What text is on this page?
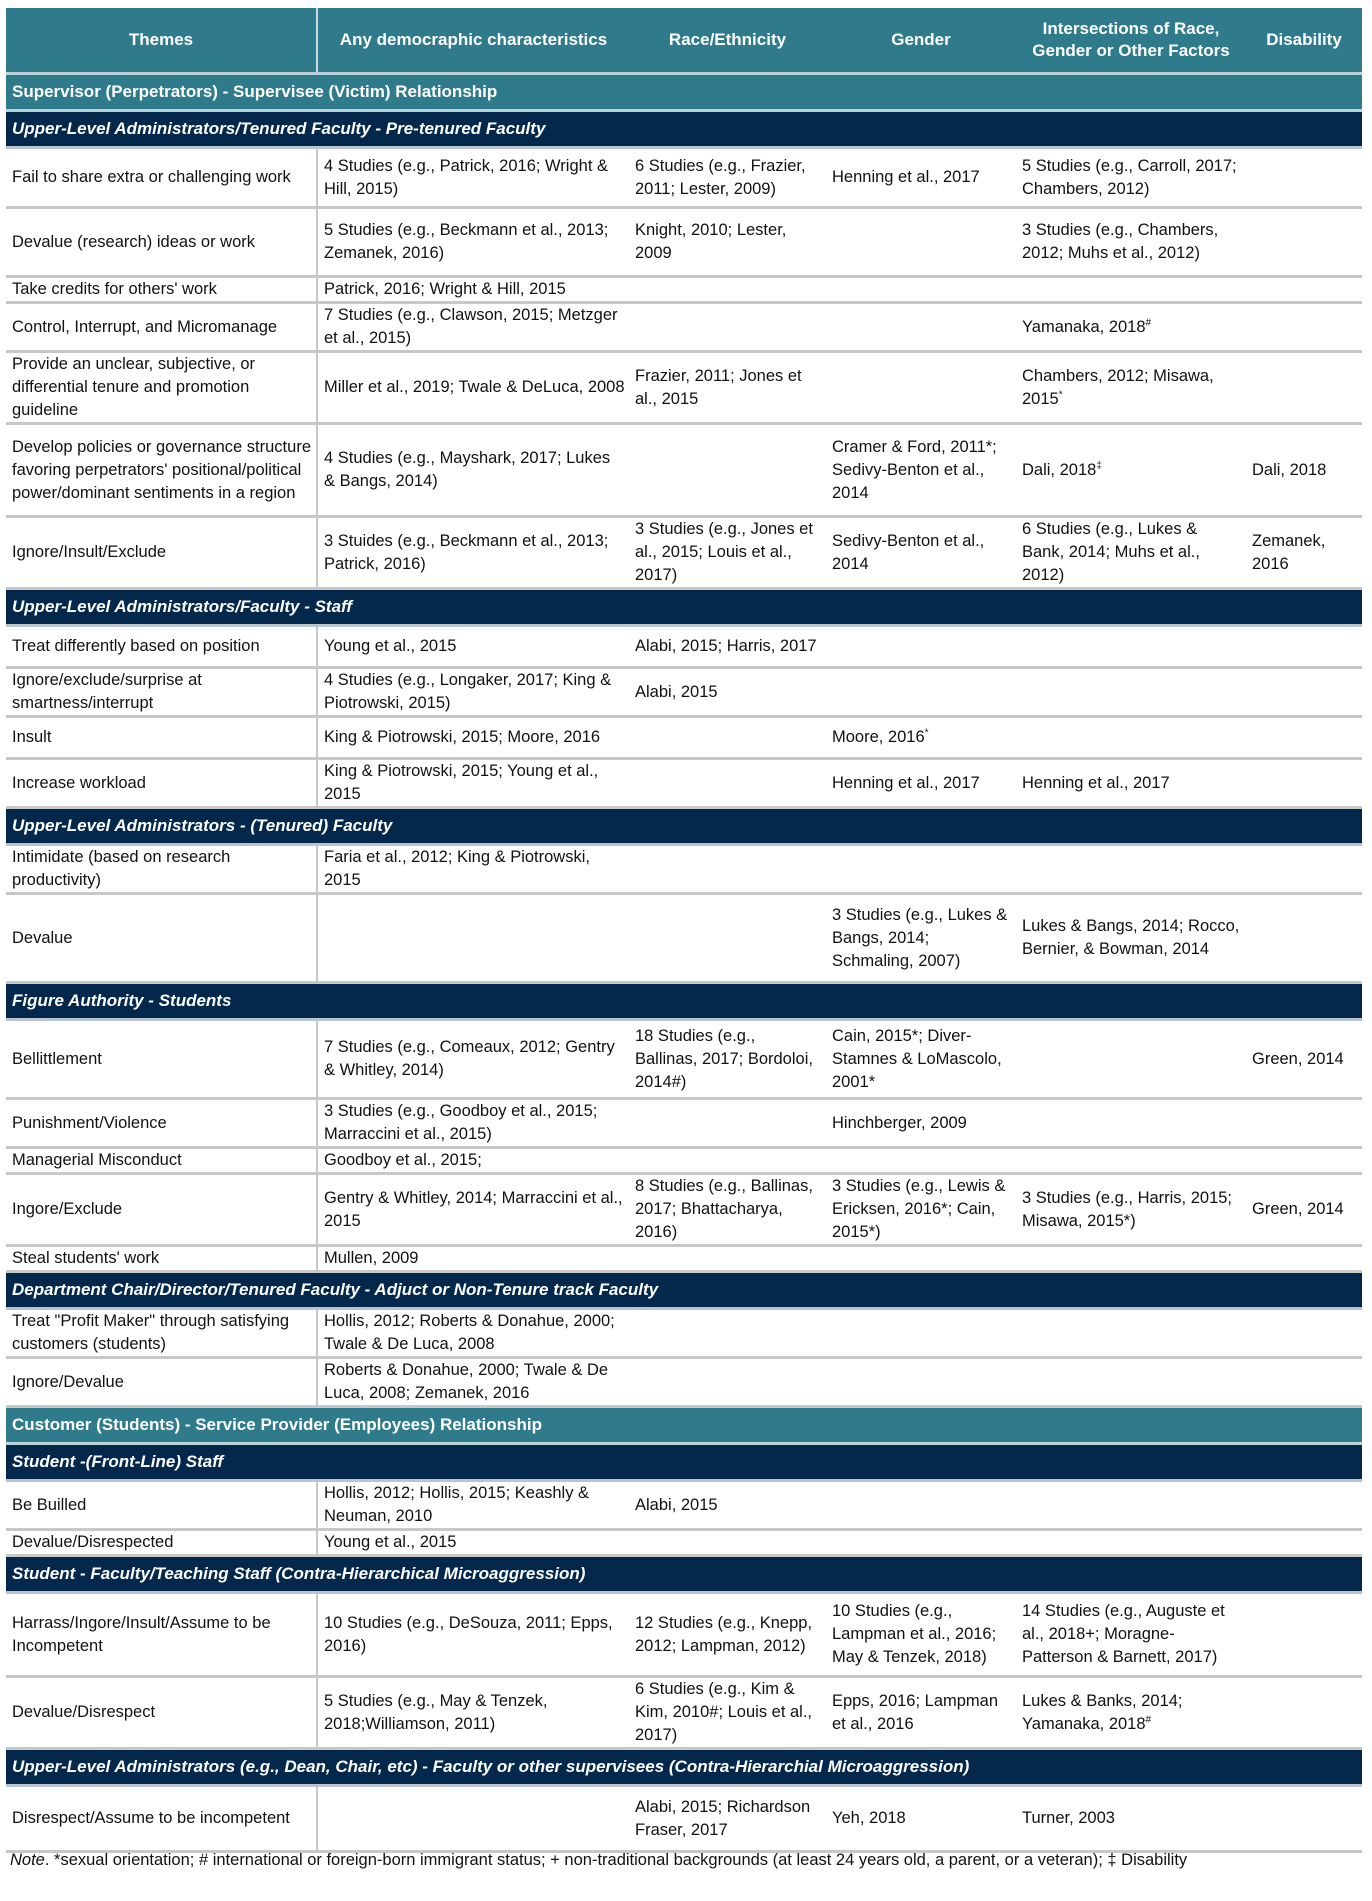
Themes	Any democraphic characteristics	Race/Ethnicity	Gender	Intersections of Race, Gender or Other Factors	Disability
Supervisor (Perpetrators) - Supervisee (Victim) Relationship					
Upper-Level Administrators/Tenured Faculty - Pre-tenured Faculty					
Fail to share extra or challenging work	4 Studies (e.g., Patrick, 2016; Wright & Hill, 2015)	6 Studies (e.g., Frazier, 2011; Lester, 2009)	Henning et al., 2017	5 Studies (e.g., Carroll, 2017; Chambers, 2012)	
Devalue (research) ideas or work	5 Studies (e.g., Beckmann et al., 2013; Zemanek, 2016)	Knight, 2010; Lester, 2009		3 Studies (e.g., Chambers, 2012; Muhs et al., 2012)	
Take credits for others' work	Patrick, 2016; Wright & Hill, 2015				
Control, Interrupt, and Micromanage	7 Studies (e.g., Clawson, 2015; Metzger et al., 2015)			Yamanaka, 2018#	
Provide an unclear, subjective, or differential tenure and promotion guideline	Miller et al., 2019; Twale & DeLuca, 2008	Frazier, 2011; Jones et al., 2015		Chambers, 2012; Misawa, 2015*	
Develop policies or governance structure favoring perpetrators' positional/political power/dominant sentiments in a region	4 Studies (e.g., Mayshark, 2017; Lukes & Bangs, 2014)		Cramer & Ford, 2011*; Sedivy-Benton et al., 2014	Dali, 2018‡	Dali, 2018
Ignore/Insult/Exclude	3 Stuides (e.g., Beckmann et al., 2013; Patrick, 2016)	3 Studies (e.g., Jones et al., 2015; Louis et al., 2017)	Sedivy-Benton et al., 2014	6 Studies (e.g., Lukes & Bank, 2014; Muhs et al., 2012)	Zemanek, 2016
Upper-Level Administrators/Faculty - Staff					
Treat differently based on position	Young et al., 2015	Alabi, 2015; Harris, 2017			
Ignore/exclude/surprise at smartness/interrupt	4 Studies (e.g., Longaker, 2017; King & Piotrowski, 2015)	Alabi, 2015			
Insult	King & Piotrowski, 2015; Moore, 2016		Moore, 2016*		
Increase workload	King & Piotrowski, 2015; Young et al., 2015		Henning et al., 2017	Henning et al., 2017	
Upper-Level Administrators - (Tenured) Faculty					
Intimidate (based on research productivity)	Faria et al., 2012; King & Piotrowski, 2015				
Devalue			3 Studies (e.g., Lukes & Bangs, 2014; Schmaling, 2007)	Lukes & Bangs, 2014; Rocco, Bernier, & Bowman, 2014	
Figure Authority - Students					
Bellittlement	7 Studies (e.g., Comeaux, 2012; Gentry & Whitley, 2014)	18 Studies (e.g., Ballinas, 2017; Bordoloi, 2014#)	Cain, 2015*; Diver-Stamnes & LoMascolo, 2001*		Green, 2014
Punishment/Violence	3 Studies (e.g., Goodboy et al., 2015; Marraccini et al., 2015)		Hinchberger, 2009		
Managerial Misconduct	Goodboy et al., 2015;				
Ingore/Exclude	Gentry & Whitley, 2014; Marraccini et al., 2015	8 Studies (e.g., Ballinas, 2017; Bhattacharya, 2016)	3 Studies (e.g., Lewis & Ericksen, 2016*; Cain, 2015*)	3 Studies (e.g., Harris, 2015; Misawa, 2015*)	Green, 2014
Steal students' work	Mullen, 2009				
Department Chair/Director/Tenured Faculty - Adjuct or Non-Tenure track Faculty					
Treat "Profit Maker" through satisfying customers (students)	Hollis, 2012; Roberts & Donahue, 2000; Twale & De Luca, 2008				
Ignore/Devalue	Roberts & Donahue, 2000; Twale & De Luca, 2008; Zemanek, 2016				
Customer (Students) - Service Provider (Employees) Relationship					
Student -(Front-Line) Staff					
Be Builled	Hollis, 2012; Hollis, 2015; Keashly & Neuman, 2010	Alabi, 2015			
Devalue/Disrespected	Young et al., 2015				
Student - Faculty/Teaching Staff (Contra-Hierarchical Microaggression)					
Harrass/Ingore/Insult/Assume to be Incompetent	10 Studies (e.g., DeSouza, 2011; Epps, 2016)	12 Studies (e.g., Knepp, 2012; Lampman, 2012)	10 Studies (e.g., Lampman et al., 2016; May & Tenzek, 2018)	14 Studies (e.g., Auguste et al., 2018+; Moragne-Patterson & Barnett, 2017)	
Devalue/Disrespect	5 Studies (e.g., May & Tenzek, 2018;Williamson, 2011)	6 Studies (e.g., Kim & Kim, 2010#; Louis et al., 2017)	Epps, 2016; Lampman et al., 2016	Lukes & Banks, 2014; Yamanaka, 2018#	
Upper-Level Administrators (e.g., Dean, Chair, etc) - Faculty or other supervisees (Contra-Hierarchial Microaggression)					
Disrespect/Assume to be incompetent		Alabi, 2015; Richardson Fraser, 2017	Yeh, 2018	Turner, 2003	
Note. *sexual orientation; # international or foreign-born immigrant status; + non-traditional backgrounds (at least 24 years old, a parent, or a veteran); ‡ Disability
